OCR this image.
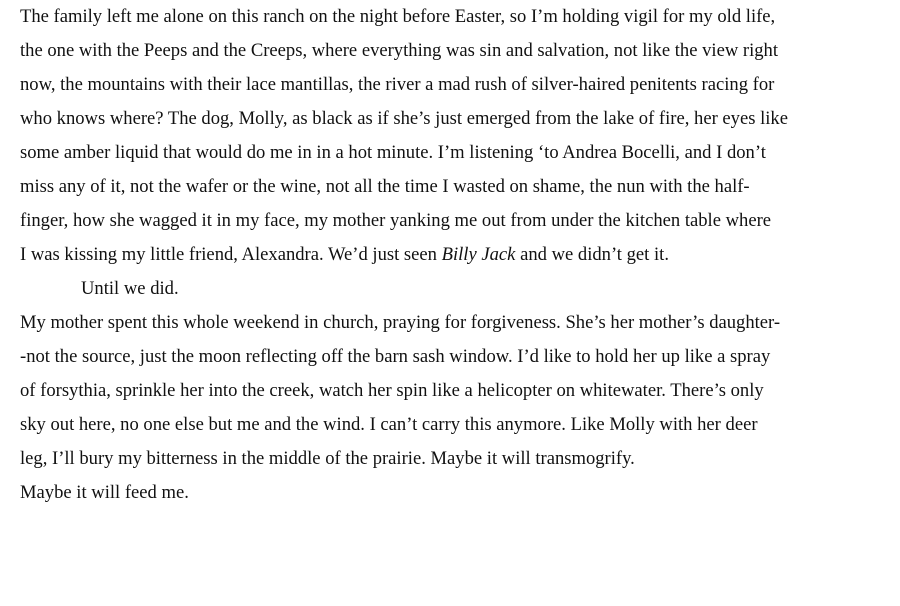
The family left me alone on this ranch on the night before Easter, so I’m holding vigil for my old life,
the one with the Peeps and the Creeps, where everything was sin and salvation, not like the view right
now, the mountains with their lace mantillas, the river a mad rush of silver-haired penitents racing for
who knows where? The dog, Molly, as black as if she’s just emerged from the lake of fire, her eyes like
some amber liquid that would do me in in a hot minute. I’m listening ‘to Andrea Bocelli, and I don’t
miss any of it, not the wafer or the wine, not all the time I wasted on shame, the nun with the half-
finger, how she wagged it in my face, my mother yanking me out from under the kitchen table where
I was kissing my little friend, Alexandra. We’d just seen Billy Jack and we didn’t get it.
Until we did.
My mother spent this whole weekend in church, praying for forgiveness. She’s her mother’s daughter-
-not the source, just the moon reflecting off the barn sash window. I’d like to hold her up like a spray
of forsythia, sprinkle her into the creek, watch her spin like a helicopter on whitewater. There’s only
sky out here, no one else but me and the wind. I can’t carry this anymore. Like Molly with her deer
leg, I’ll bury my bitterness in the middle of the prairie. Maybe it will transmogrify.
Maybe it will feed me.
